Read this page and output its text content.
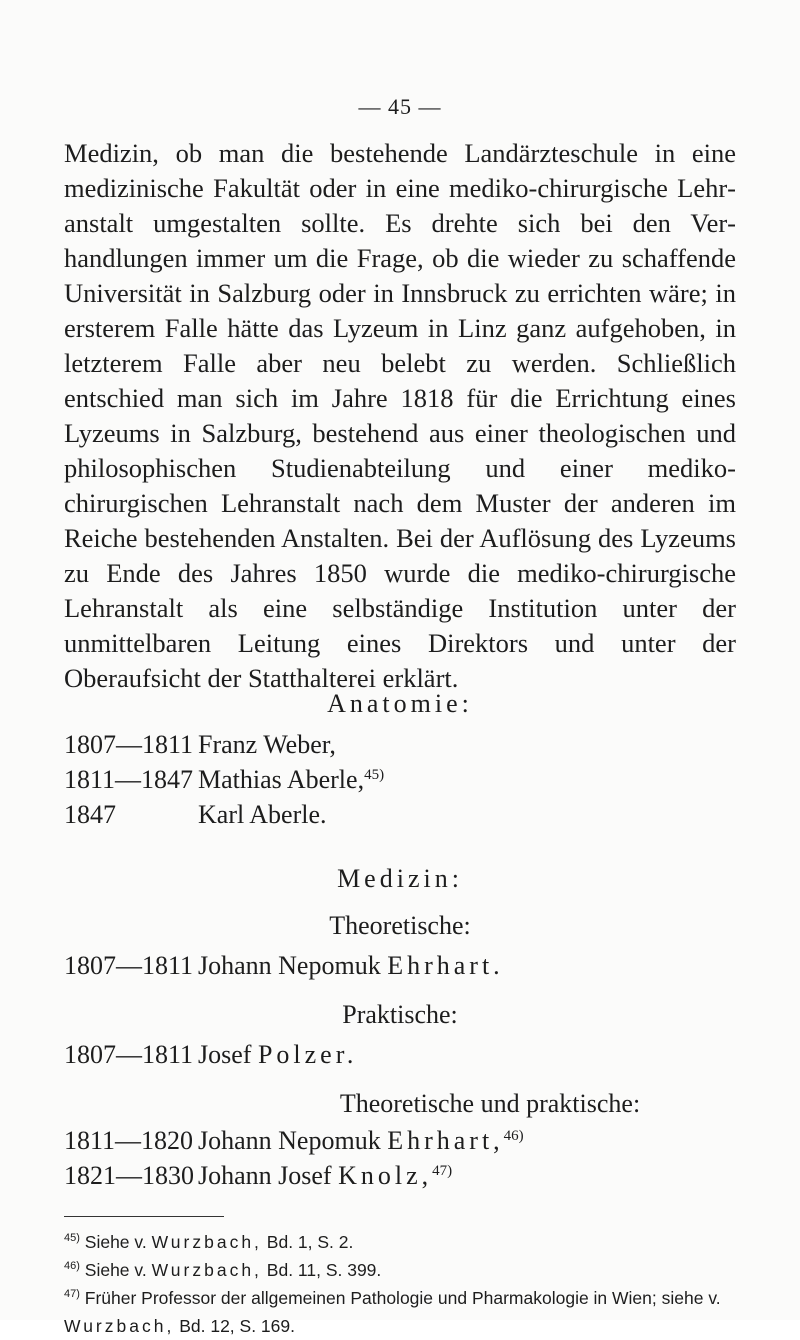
— 45 —

Medizin, ob man die bestehende Landärzteschule in eine medizinische Fakultät oder in eine mediko-chirurgische Lehranstalt umgestalten sollte. Es drehte sich bei den Verhandlungen immer um die Frage, ob die wieder zu schaffende Universität in Salzburg oder in Innsbruck zu errichten wäre; in ersterem Falle hätte das Lyzeum in Linz ganz aufgehoben, in letzterem Falle aber neu belebt zu werden. Schließlich entschied man sich im Jahre 1818 für die Errichtung eines Lyzeums in Salzburg, bestehend aus einer theologischen und philosophischen Studienabteilung und einer mediko-chirurgischen Lehranstalt nach dem Muster der anderen im Reiche bestehenden Anstalten. Bei der Auflösung des Lyzeums zu Ende des Jahres 1850 wurde die mediko-chirurgische Lehranstalt als eine selbständige Institution unter der unmittelbaren Leitung eines Direktors und unter der Oberaufsicht der Statthalterei erklärt.

Anatomie:
1807—1811 Franz Weber,
1811—1847 Mathias Aberle,$^{45)}$
1847	Karl Aberle.
Medizin:
Theoretische:
1807—1811 Johann Nepomuk Ehrhart.
Praktische:
1807—1811 Josef Polzer.
Theoretische und praktische:
1811—1820 Johann Nepomuk Ehrhart,$^{46)}$
1821—1830 Johann Josef Knolz,$^{47)}$
$^{45)}$ Siehe v. Wurzbach, Bd. 1, S. 2.
$^{46)}$ Siehe v. Wurzbach, Bd. 11, S. 399.
$^{47)}$ Früher Professor der allgemeinen Pathologie und Pharmakologie in Wien; siehe v. Wurzbach, Bd. 12, S. 169.
